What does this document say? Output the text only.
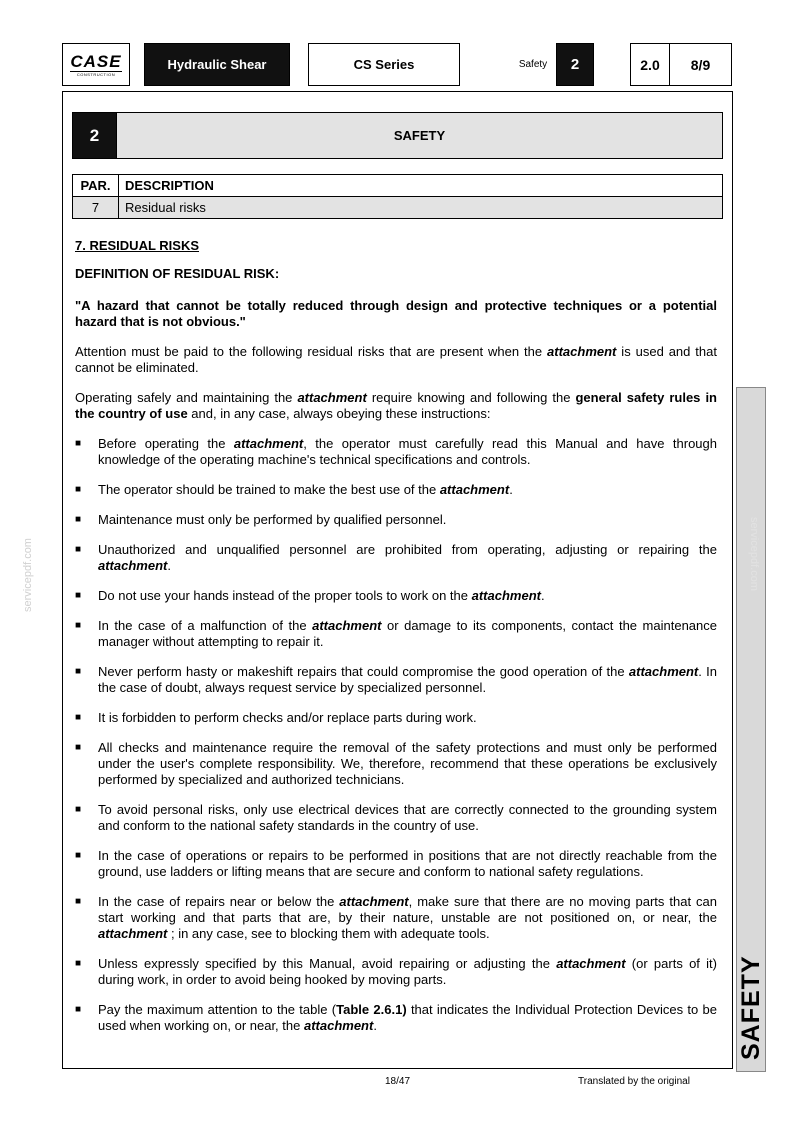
CASE
CONSTRUCTION
Hydraulic Shear	CS Series	Safety	2	2.0	8/9
2	SAFETY
PAR.	DESCRIPTION
7	Residual risks

7. RESIDUAL RISKS

DEFINITION OF RESIDUAL RISK:

"A hazard that cannot be totally reduced through design and protective techniques or a potential hazard that is not obvious."

Attention must be paid to the following residual risks that are present when the attachment is used and that cannot be eliminated.

Operating safely and maintaining the attachment require knowing and following the general safety rules in the country of use and, in any case, always obeying these instructions:

■ Before operating the attachment, the operator must carefully read this Manual and have through knowledge of the operating machine's technical specifications and controls.
■ The operator should be trained to make the best use of the attachment.
■ Maintenance must only be performed by qualified personnel.
■ Unauthorized and unqualified personnel are prohibited from operating, adjusting or repairing the attachment.
■ Do not use your hands instead of the proper tools to work on the attachment.
■ In the case of a malfunction of the attachment or damage to its components, contact the maintenance manager without attempting to repair it.
■ Never perform hasty or makeshift repairs that could compromise the good operation of the attachment. In the case of doubt, always request service by specialized personnel.
■ It is forbidden to perform checks and/or replace parts during work.
■ All checks and maintenance require the removal of the safety protections and must only be performed under the user's complete responsibility. We, therefore, recommend that these operations be exclusively performed by specialized and authorized technicians.
■ To avoid personal risks, only use electrical devices that are correctly connected to the grounding system and conform to the national safety standards in the country of use.
■ In the case of operations or repairs to be performed in positions that are not directly reachable from the ground, use ladders or lifting means that are secure and conform to national safety regulations.
■ In the case of repairs near or below the attachment, make sure that there are no moving parts that can start working and that parts that are, by their nature, unstable are not positioned on, or near, the attachment ; in any case, see to blocking them with adequate tools.
■ Unless expressly specified by this Manual, avoid repairing or adjusting the attachment (or parts of it) during work, in order to avoid being hooked by moving parts.
■ Pay the maximum attention to the table (Table 2.6.1) that indicates the Individual Protection Devices to be used when working on, or near, the attachment.
servicepdf.com	servicepdf.com
18/47	Translated by the original
